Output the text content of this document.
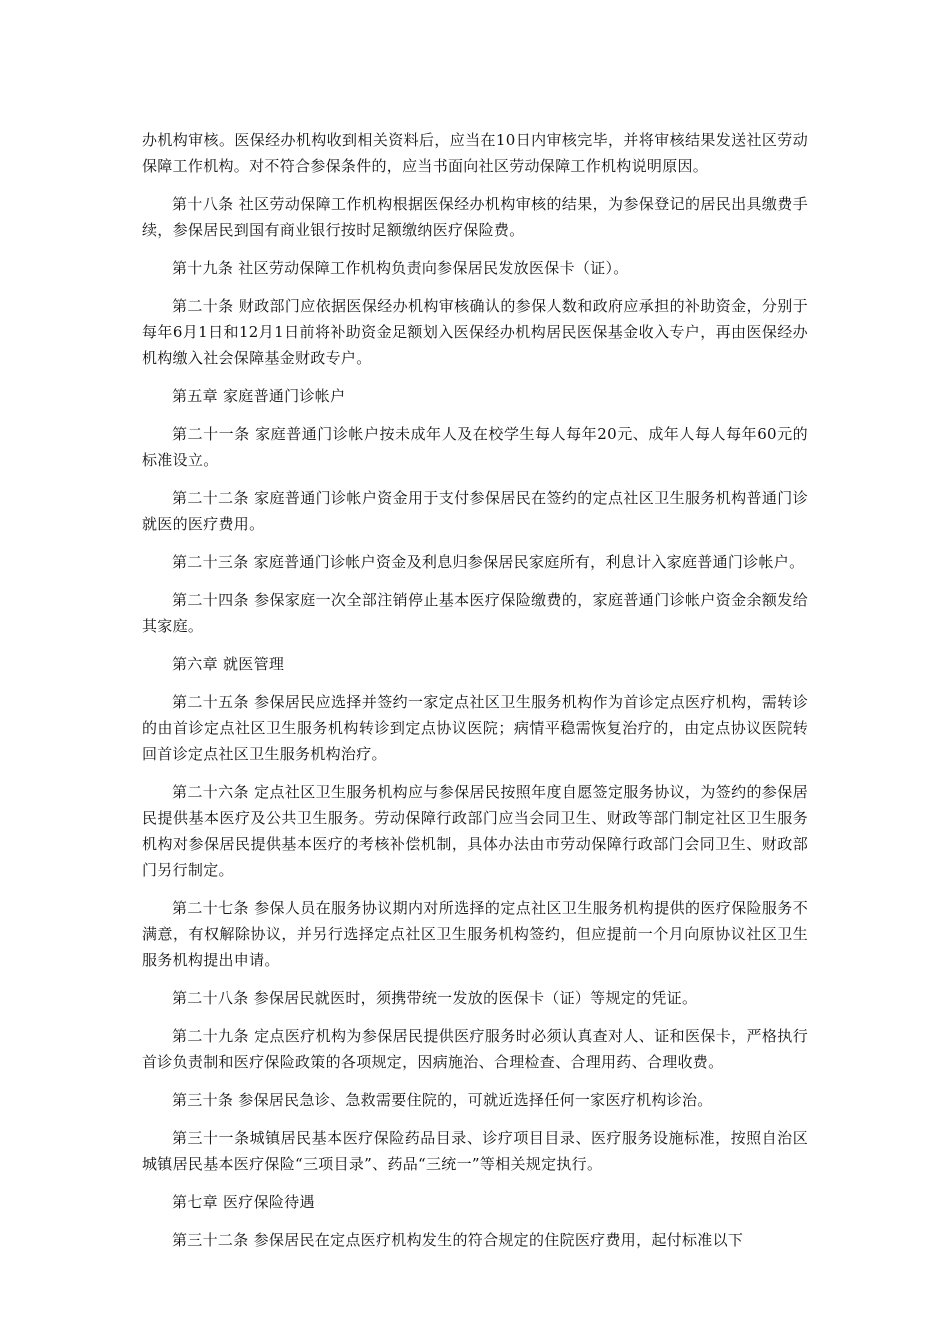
办机构审核。医保经办机构收到相关资料后，应当在10日内审核完毕，并将审核结果发送社区劳动保障工作机构。对不符合参保条件的，应当书面向社区劳动保障工作机构说明原因。

第十八条 社区劳动保障工作机构根据医保经办机构审核的结果，为参保登记的居民出具缴费手续，参保居民到国有商业银行按时足额缴纳医疗保险费。

第十九条 社区劳动保障工作机构负责向参保居民发放医保卡（证）。

第二十条 财政部门应依据医保经办机构审核确认的参保人数和政府应承担的补助资金，分别于每年6月1日和12月1日前将补助资金足额划入医保经办机构居民医保基金收入专户，再由医保经办机构缴入社会保障基金财政专户。

第五章 家庭普通门诊帐户

第二十一条 家庭普通门诊帐户按未成年人及在校学生每人每年20元、成年人每人每年60元的标准设立。

第二十二条 家庭普通门诊帐户资金用于支付参保居民在签约的定点社区卫生服务机构普通门诊就医的医疗费用。

第二十三条 家庭普通门诊帐户资金及利息归参保居民家庭所有，利息计入家庭普通门诊帐户。

第二十四条 参保家庭一次全部注销停止基本医疗保险缴费的，家庭普通门诊帐户资金余额发给其家庭。

第六章 就医管理

第二十五条 参保居民应选择并签约一家定点社区卫生服务机构作为首诊定点医疗机构，需转诊的由首诊定点社区卫生服务机构转诊到定点协议医院；病情平稳需恢复治疗的，由定点协议医院转回首诊定点社区卫生服务机构治疗。

第二十六条 定点社区卫生服务机构应与参保居民按照年度自愿签定服务协议，为签约的参保居民提供基本医疗及公共卫生服务。劳动保障行政部门应当会同卫生、财政等部门制定社区卫生服务机构对参保居民提供基本医疗的考核补偿机制，具体办法由市劳动保障行政部门会同卫生、财政部门另行制定。

第二十七条 参保人员在服务协议期内对所选择的定点社区卫生服务机构提供的医疗保险服务不满意，有权解除协议，并另行选择定点社区卫生服务机构签约，但应提前一个月向原协议社区卫生服务机构提出申请。

第二十八条 参保居民就医时，须携带统一发放的医保卡（证）等规定的凭证。

第二十九条 定点医疗机构为参保居民提供医疗服务时必须认真查对人、证和医保卡，严格执行首诊负责制和医疗保险政策的各项规定，因病施治、合理检查、合理用药、合理收费。

第三十条 参保居民急诊、急救需要住院的，可就近选择任何一家医疗机构诊治。

第三十一条城镇居民基本医疗保险药品目录、诊疗项目目录、医疗服务设施标准，按照自治区城镇居民基本医疗保险“三项目录”、药品“三统一”等相关规定执行。

第七章 医疗保险待遇

第三十二条 参保居民在定点医疗机构发生的符合规定的住院医疗费用，起付标准以下
